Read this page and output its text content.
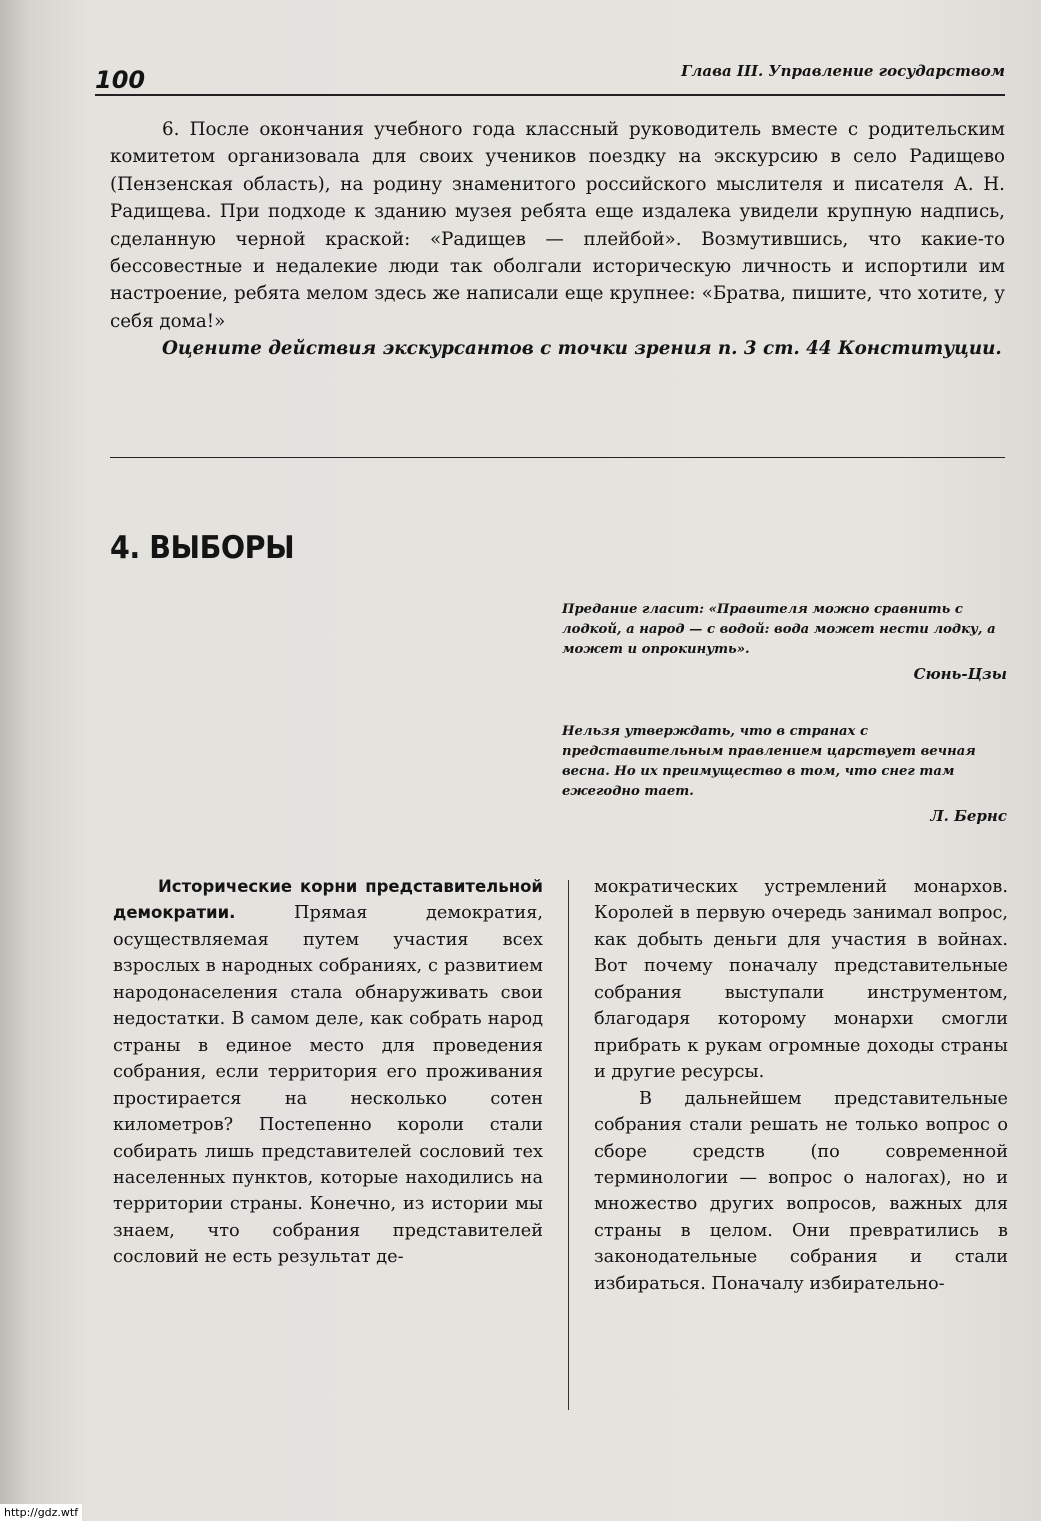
100	Глава III. Управление государством

6. После окончания учебного года классный руководитель вместе с родительским комитетом организовала для своих учеников поездку на экскурсию в село Радищево (Пензенская область), на родину знаменитого российского мыслителя и писателя А. Н. Радищева. При подходе к зданию музея ребята еще издалека увидели крупную надпись, сделанную черной краской: «Радищев — плейбой». Возмутившись, что какие-то бессовестные и недалекие люди так оболгали историческую личность и испортили им настроение, ребята мелом здесь же написали еще крупнее: «Братва, пишите, что хотите, у себя дома!»

Оцените действия экскурсантов с точки зрения п. 3 ст. 44 Конституции.

4. ВЫБОРЫ

Предание гласит: «Правителя можно сравнить с лодкой, а народ — с водой: вода может нести лодку, а может и опрокинуть».

Сюнь-Цзы

Нельзя утверждать, что в странах с представительным правлением царствует вечная весна. Но их преимущество в том, что снег там ежегодно тает.

Л. Бернс

Исторические корни представительной демократии.	Прямая демократия, осуществляемая путем участия всех взрослых в народных собраниях, с развитием народонаселения стала обнаруживать свои недостатки. В самом деле, как собрать народ страны в единое место для проведения собрания, если территория его проживания простирается на несколько сотен километров? Постепенно короли стали собирать лишь представителей сословий тех населенных пунктов, которые находились на территории страны. Конечно, из истории мы знаем, что собрания представителей сословий не есть результат де-

мократических устремлений монархов. Королей в первую очередь занимал вопрос, как добыть деньги для участия в войнах. Вот почему поначалу представительные собрания выступали инструментом, благодаря которому монархи смогли прибрать к рукам огромные доходы страны и другие ресурсы.

В дальнейшем представительные собрания стали решать не только вопрос о сборе средств (по современной терминологии — вопрос о налогах), но и множество других вопросов, важных для страны в целом. Они превратились в законодательные собрания и стали избираться. Поначалу избирательно-

http://gdz.wtf
